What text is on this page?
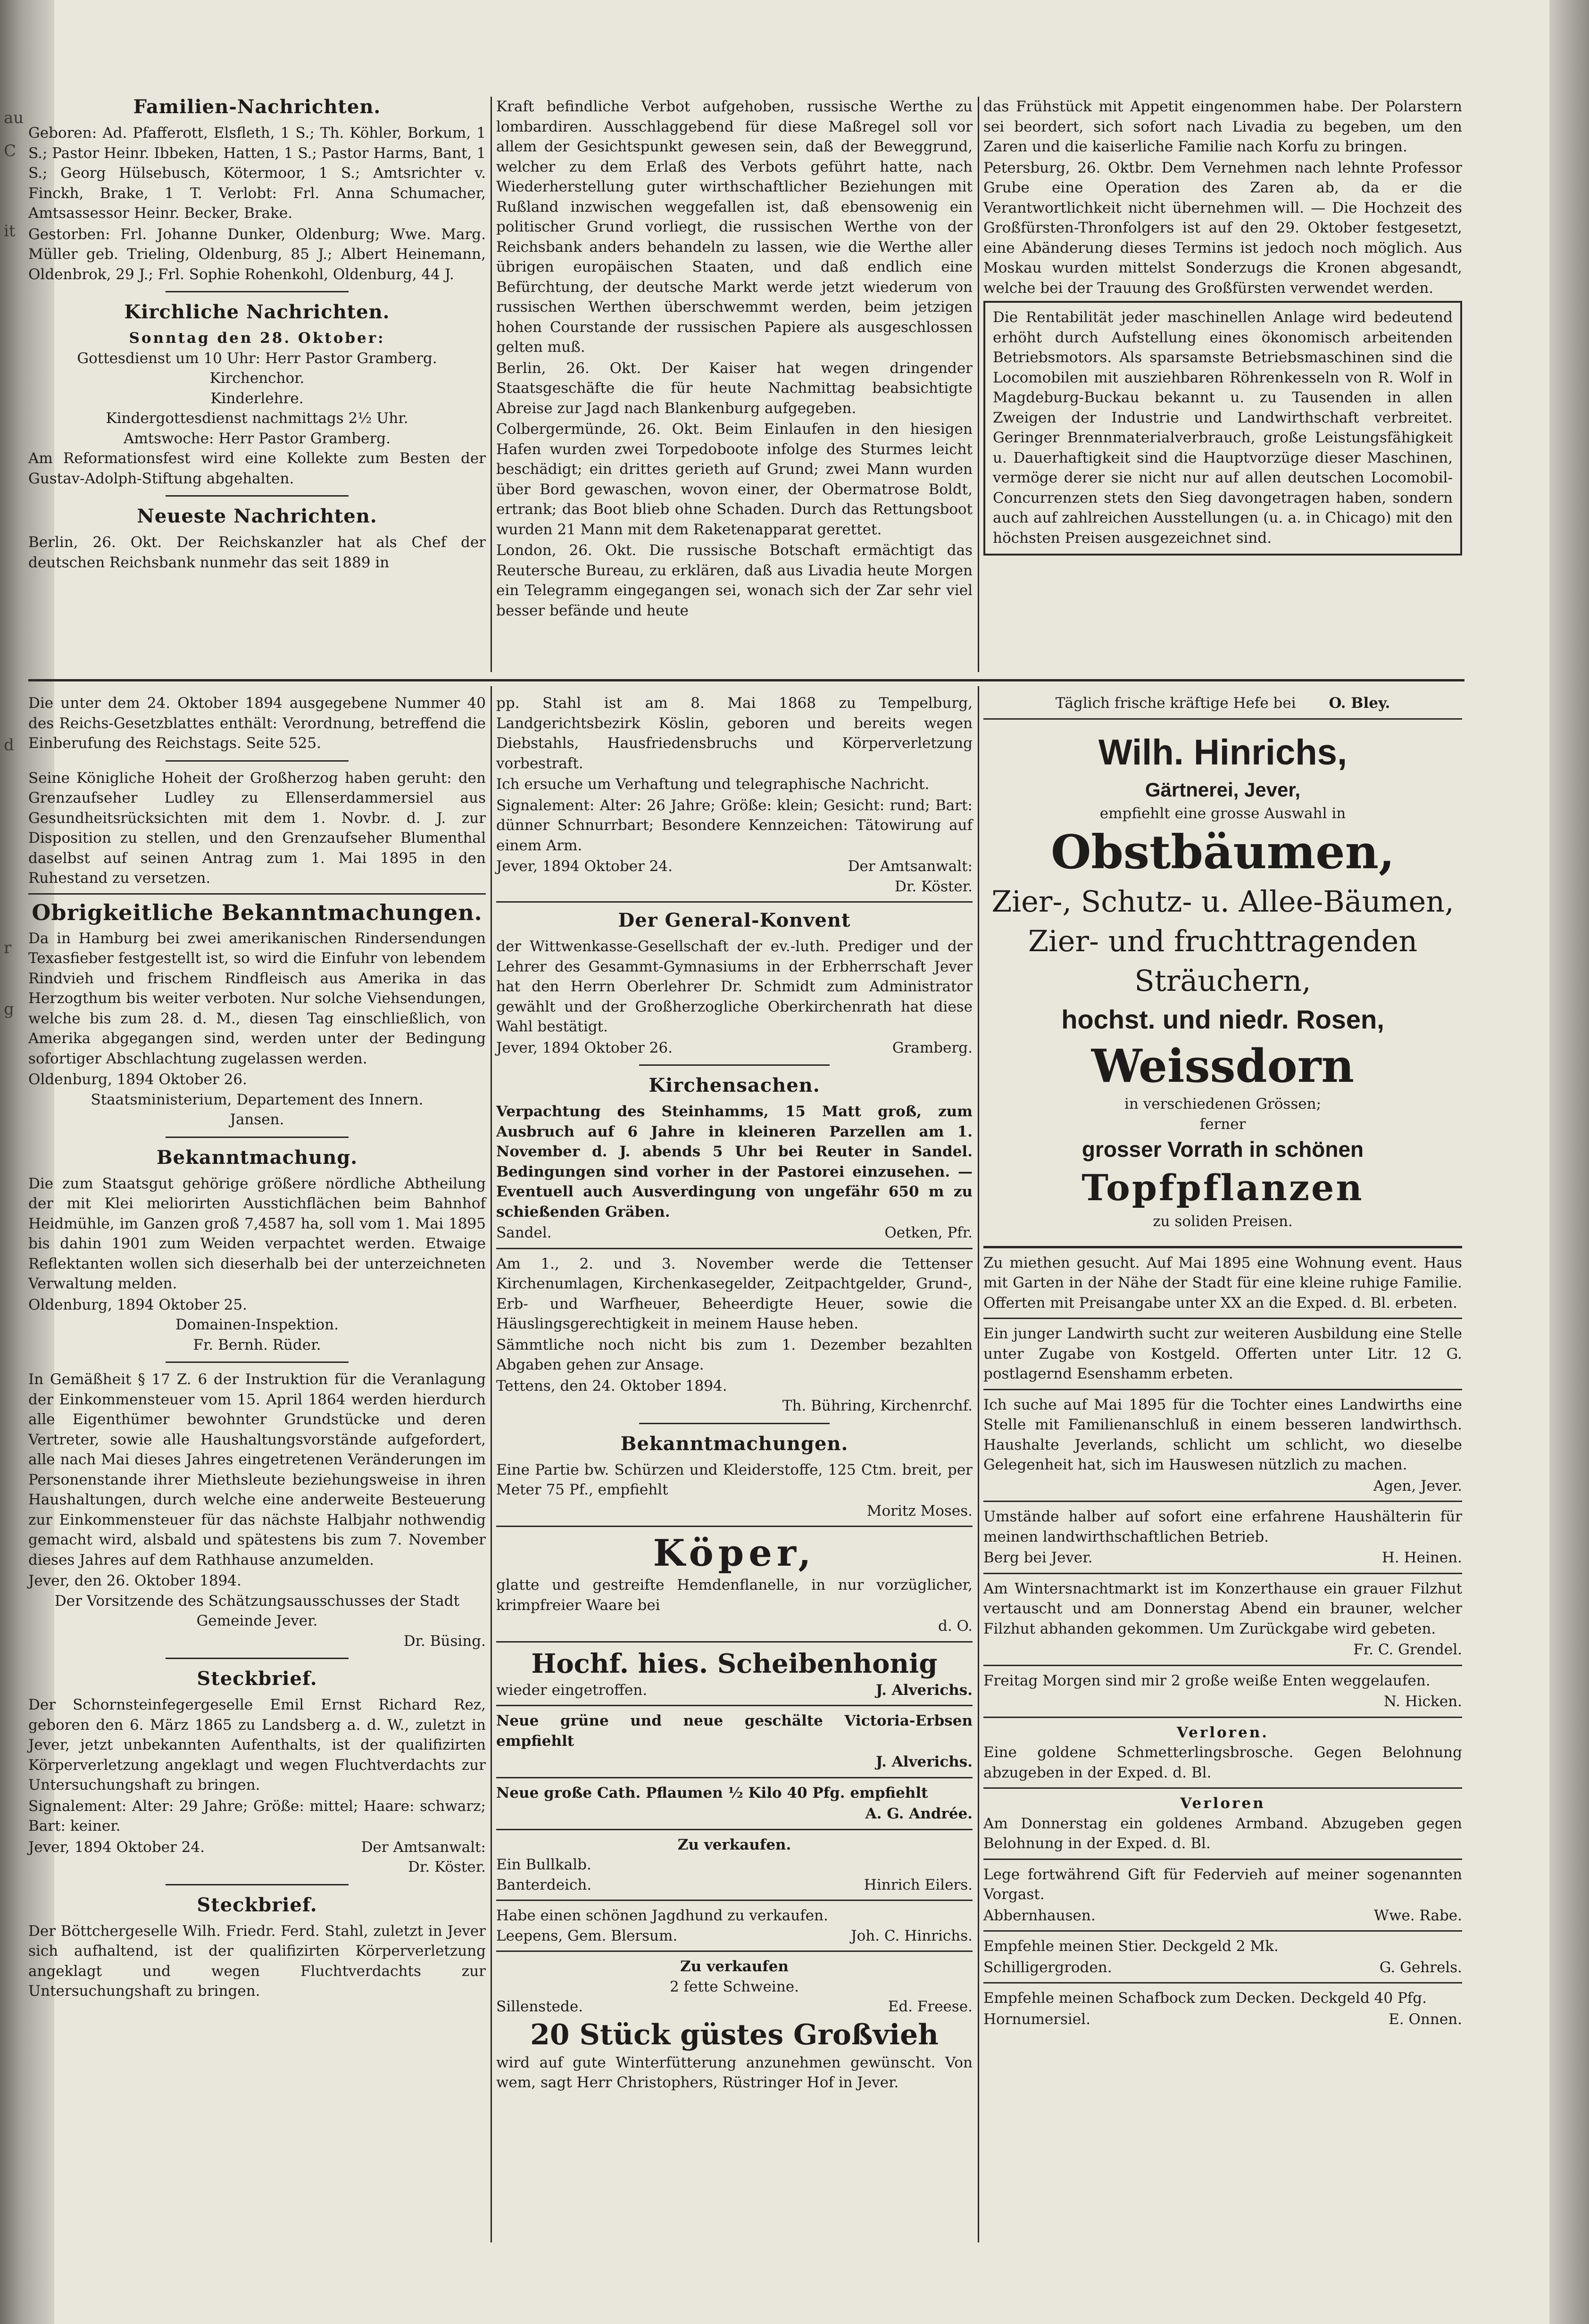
au
C
it
d
r
g
Familien-Nachrichten.

Geboren: Ad. Pfafferott, Elsfleth, 1 S.; Th. Köhler, Borkum, 1 S.; Pastor Heinr. Ibbeken, Hatten, 1 S.; Pastor Harms, Bant, 1 S.; Georg Hülsebusch, Kötermoor, 1 S.; Amtsrichter v. Finckh, Brake, 1 T. Verlobt: Frl. Anna Schumacher, Amtsassessor Heinr. Becker, Brake.

Gestorben: Frl. Johanne Dunker, Oldenburg; Wwe. Marg. Müller geb. Trieling, Oldenburg, 85 J.; Albert Heinemann, Oldenbrok, 29 J.; Frl. Sophie Rohenkohl, Oldenburg, 44 J.

Kirchliche Nachrichten.
Sonntag den 28. Oktober:
Gottesdienst um 10 Uhr: Herr Pastor Gramberg.
Kirchenchor.
Kinderlehre.
Kindergottesdienst nachmittags 2½ Uhr.
Amtswoche: Herr Pastor Gramberg.

Am Reformationsfest wird eine Kollekte zum Besten der Gustav-Adolph-Stiftung abgehalten.

Neueste Nachrichten.

Berlin, 26. Okt. Der Reichskanzler hat als Chef der deutschen Reichsbank nunmehr das seit 1889 in

Kraft befindliche Verbot aufgehoben, russische Werthe zu lombardiren. Ausschlaggebend für diese Maßregel soll vor allem der Gesichtspunkt gewesen sein, daß der Beweggrund, welcher zu dem Erlaß des Verbots geführt hatte, nach Wiederherstellung guter wirthschaftlicher Beziehungen mit Rußland inzwischen weggefallen ist, daß ebensowenig ein politischer Grund vorliegt, die russischen Werthe von der Reichsbank anders behandeln zu lassen, wie die Werthe aller übrigen europäischen Staaten, und daß endlich eine Befürchtung, der deutsche Markt werde jetzt wiederum von russischen Werthen überschwemmt werden, beim jetzigen hohen Courstande der russischen Papiere als ausgeschlossen gelten muß.

Berlin, 26. Okt. Der Kaiser hat wegen dringender Staatsgeschäfte die für heute Nachmittag beabsichtigte Abreise zur Jagd nach Blankenburg aufgegeben.

Colbergermünde, 26. Okt. Beim Einlaufen in den hiesigen Hafen wurden zwei Torpedoboote infolge des Sturmes leicht beschädigt; ein drittes gerieth auf Grund; zwei Mann wurden über Bord gewaschen, wovon einer, der Obermatrose Boldt, ertrank; das Boot blieb ohne Schaden. Durch das Rettungsboot wurden 21 Mann mit dem Raketenapparat gerettet.

London, 26. Okt. Die russische Botschaft ermächtigt das Reutersche Bureau, zu erklären, daß aus Livadia heute Morgen ein Telegramm eingegangen sei, wonach sich der Zar sehr viel besser befände und heute

das Frühstück mit Appetit eingenommen habe. Der Polarstern sei beordert, sich sofort nach Livadia zu begeben, um den Zaren und die kaiserliche Familie nach Korfu zu bringen.

Petersburg, 26. Oktbr. Dem Vernehmen nach lehnte Professor Grube eine Operation des Zaren ab, da er die Verantwortlichkeit nicht übernehmen will. — Die Hochzeit des Großfürsten-Thronfolgers ist auf den 29. Oktober festgesetzt, eine Abänderung dieses Termins ist jedoch noch möglich. Aus Moskau wurden mittelst Sonderzugs die Kronen abgesandt, welche bei der Trauung des Großfürsten verwendet werden.

Die Rentabilität jeder maschinellen Anlage wird bedeutend erhöht durch Aufstellung eines ökonomisch arbeitenden Betriebsmotors. Als sparsamste Betriebsmaschinen sind die Locomobilen mit ausziehbaren Röhrenkesseln von R. Wolf in Magdeburg-Buckau bekannt u. zu Tausenden in allen Zweigen der Industrie und Landwirthschaft verbreitet. Geringer Brennmaterialverbrauch, große Leistungsfähigkeit u. Dauerhaftigkeit sind die Hauptvorzüge dieser Maschinen, vermöge derer sie nicht nur auf allen deutschen Locomobil-Concurrenzen stets den Sieg davongetragen haben, sondern auch auf zahlreichen Ausstellungen (u. a. in Chicago) mit den höchsten Preisen ausgezeichnet sind.

Die unter dem 24. Oktober 1894 ausgegebene Nummer 40 des Reichs-Gesetzblattes enthält: Verordnung, betreffend die Einberufung des Reichstags. Seite 525.

Seine Königliche Hoheit der Großherzog haben geruht: den Grenzaufseher Ludley zu Ellenserdammersiel aus Gesundheitsrücksichten mit dem 1. Novbr. d. J. zur Disposition zu stellen, und den Grenzaufseher Blumenthal daselbst auf seinen Antrag zum 1. Mai 1895 in den Ruhestand zu versetzen.

Obrigkeitliche Bekanntmachungen.

Da in Hamburg bei zwei amerikanischen Rindersendungen Texasfieber festgestellt ist, so wird die Einfuhr von lebendem Rindvieh und frischem Rindfleisch aus Amerika in das Herzogthum bis weiter verboten. Nur solche Viehsendungen, welche bis zum 28. d. M., diesen Tag einschließlich, von Amerika abgegangen sind, werden unter der Bedingung sofortiger Abschlachtung zugelassen werden.

Oldenburg, 1894 Oktober 26.
Staatsministerium, Departement des Innern.
Jansen.
Bekanntmachung.

Die zum Staatsgut gehörige größere nördliche Abtheilung der mit Klei meliorirten Ausstichflächen beim Bahnhof Heidmühle, im Ganzen groß 7,4587 ha, soll vom 1. Mai 1895 bis dahin 1901 zum Weiden verpachtet werden. Etwaige Reflektanten wollen sich dieserhalb bei der unterzeichneten Verwaltung melden.

Oldenburg, 1894 Oktober 25.
Domainen-Inspektion.
Fr. Bernh. Rüder.

In Gemäßheit § 17 Z. 6 der Instruktion für die Veranlagung der Einkommensteuer vom 15. April 1864 werden hierdurch alle Eigenthümer bewohnter Grundstücke und deren Vertreter, sowie alle Haushaltungsvorstände aufgefordert, alle nach Mai dieses Jahres eingetretenen Veränderungen im Personenstande ihrer Miethsleute beziehungsweise in ihren Haushaltungen, durch welche eine anderweite Besteuerung zur Einkommensteuer für das nächste Halbjahr nothwendig gemacht wird, alsbald und spätestens bis zum 7. November dieses Jahres auf dem Rathhause anzumelden.

Jever, den 26. Oktober 1894.
Der Vorsitzende des Schätzungsausschusses der Stadt Gemeinde Jever.
Dr. Büsing.
Steckbrief.

Der Schornsteinfegergeselle Emil Ernst Richard Rez, geboren den 6. März 1865 zu Landsberg a. d. W., zuletzt in Jever, jetzt unbekannten Aufenthalts, ist der qualifizirten Körperverletzung angeklagt und wegen Fluchtverdachts zur Untersuchungshaft zu bringen.

Signalement: Alter: 29 Jahre; Größe: mittel; Haare: schwarz; Bart: keiner.

Jever, 1894 Oktober 24.	Der Amtsanwalt:
Dr. Köster.
Steckbrief.

Der Böttchergeselle Wilh. Friedr. Ferd. Stahl, zuletzt in Jever sich aufhaltend, ist der qualifizirten Körperverletzung angeklagt und wegen Fluchtverdachts zur Untersuchungshaft zu bringen.

pp. Stahl ist am 8. Mai 1868 zu Tempelburg, Landgerichtsbezirk Köslin, geboren und bereits wegen Diebstahls, Hausfriedensbruchs und Körperverletzung vorbestraft.

Ich ersuche um Verhaftung und telegraphische Nachricht.

Signalement: Alter: 26 Jahre; Größe: klein; Gesicht: rund; Bart: dünner Schnurrbart; Besondere Kennzeichen: Tätowirung auf einem Arm.

Jever, 1894 Oktober 24.	Der Amtsanwalt:
Dr. Köster.
Der General-Konvent

der Wittwenkasse-Gesellschaft der ev.-luth. Prediger und der Lehrer des Gesammt-Gymnasiums in der Erbherrschaft Jever hat den Herrn Oberlehrer Dr. Schmidt zum Administrator gewählt und der Großherzogliche Oberkirchenrath hat diese Wahl bestätigt.

Jever, 1894 Oktober 26.	Gramberg.
Kirchensachen.

Verpachtung des Steinhamms, 15 Matt groß, zum Ausbruch auf 6 Jahre in kleineren Parzellen am 1. November d. J. abends 5 Uhr bei Reuter in Sandel. Bedingungen sind vorher in der Pastorei einzusehen. — Eventuell auch Ausverdingung von ungefähr 650 m zu schießenden Gräben.

Sandel.	Oetken, Pfr.

Am 1., 2. und 3. November werde die Tettenser Kirchenumlagen, Kirchenkasegelder, Zeitpachtgelder, Grund-, Erb- und Warfheuer, Beheerdigte Heuer, sowie die Häuslingsgerechtigkeit in meinem Hause heben.

Sämmtliche noch nicht bis zum 1. Dezember bezahlten Abgaben gehen zur Ansage.

Tettens, den 24. Oktober 1894.
Th. Bühring, Kirchenrchf.
Bekanntmachungen.

Eine Partie bw. Schürzen und Kleiderstoffe, 125 Ctm. breit, per Meter 75 Pf., empfiehlt

Moritz Moses.
Köper,

glatte und gestreifte Hemdenflanelle, in nur vorzüglicher, krimpfreier Waare bei

d. O.
Hochf. hies. Scheibenhonig
wieder eingetroffen.	J. Alverichs.

Neue grüne und neue geschälte Victoria-Erbsen empfiehlt

J. Alverichs.

Neue große Cath. Pflaumen ½ Kilo 40 Pfg. empfiehlt

A. G. Andrée.
Zu verkaufen.
Ein Bullkalb.
Banterdeich.	Hinrich Eilers.
Habe einen schönen Jagdhund zu verkaufen.
Leepens, Gem. Blersum.	Joh. C. Hinrichs.
Zu verkaufen
2 fette Schweine.
Sillenstede.	Ed. Freese.
20 Stück güstes Großvieh

wird auf gute Winterfütterung anzunehmen gewünscht. Von wem, sagt Herr Christophers, Rüstringer Hof in Jever.

Täglich frische kräftige Hefe bei O. Bley.
Wilh. Hinrichs,
Gärtnerei, Jever,
empfiehlt eine grosse Auswahl in
Obstbäumen,
Zier-, Schutz- u. Allee-Bäumen,
Zier- und fruchttragenden
Sträuchern,
hochst. und niedr. Rosen,
Weissdorn
in verschiedenen Grössen;
ferner
grosser Vorrath in schönen
Topfpflanzen
zu soliden Preisen.

Zu miethen gesucht. Auf Mai 1895 eine Wohnung event. Haus mit Garten in der Nähe der Stadt für eine kleine ruhige Familie. Offerten mit Preisangabe unter XX an die Exped. d. Bl. erbeten.

Ein junger Landwirth sucht zur weiteren Ausbildung eine Stelle unter Zugabe von Kostgeld. Offerten unter Litr. 12 G. postlagernd Esenshamm erbeten.

Ich suche auf Mai 1895 für die Tochter eines Landwirths eine Stelle mit Familienanschluß in einem besseren landwirthsch. Haushalte Jeverlands, schlicht um schlicht, wo dieselbe Gelegenheit hat, sich im Hauswesen nützlich zu machen.

Agen, Jever.

Umstände halber auf sofort eine erfahrene Haushälterin für meinen landwirthschaftlichen Betrieb.

Berg bei Jever.	H. Heinen.

Am Wintersnachtmarkt ist im Konzerthause ein grauer Filzhut vertauscht und am Donnerstag Abend ein brauner, welcher Filzhut abhanden gekommen. Um Zurückgabe wird gebeten.

Fr. C. Grendel.

Freitag Morgen sind mir 2 große weiße Enten weggelaufen.

N. Hicken.
Verloren.

Eine goldene Schmetterlingsbrosche. Gegen Belohnung abzugeben in der Exped. d. Bl.

Verloren

Am Donnerstag ein goldenes Armband. Abzugeben gegen Belohnung in der Exped. d. Bl.

Lege fortwährend Gift für Federvieh auf meiner sogenannten Vorgast.

Abbernhausen.	Wwe. Rabe.

Empfehle meinen Stier. Deckgeld 2 Mk.

Schilligergroden.	G. Gehrels.

Empfehle meinen Schafbock zum Decken. Deckgeld 40 Pfg.

Hornumersiel.	E. Onnen.
